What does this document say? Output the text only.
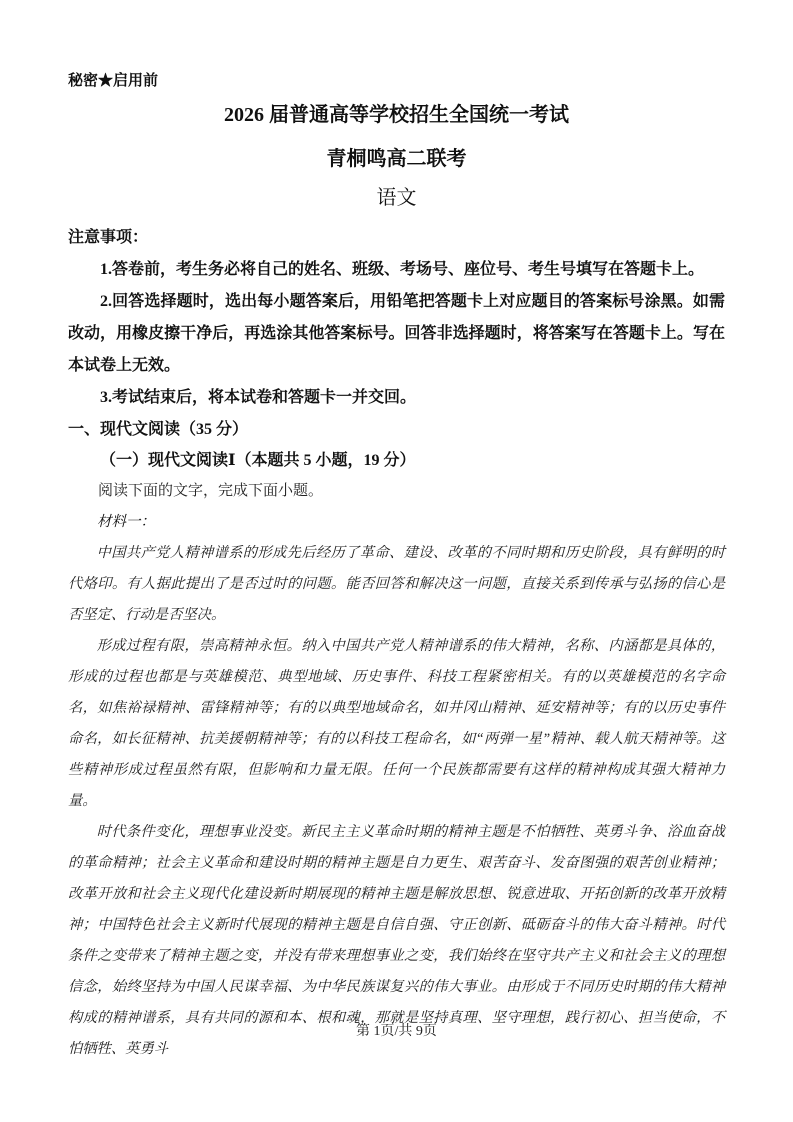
秘密★启用前
2026 届普通高等学校招生全国统一考试
青桐鸣高二联考
语文

注意事项：

1.答卷前，考生务必将自己的姓名、班级、考场号、座位号、考生号填写在答题卡上。

2.回答选择题时，选出每小题答案后，用铅笔把答题卡上对应题目的答案标号涂黑。如需改动，用橡皮擦干净后，再选涂其他答案标号。回答非选择题时，将答案写在答题卡上。写在本试卷上无效。

3.考试结束后，将本试卷和答题卡一并交回。

一、现代文阅读（35 分）

（一）现代文阅读Ⅰ（本题共 5 小题，19 分）

阅读下面的文字，完成下面小题。

材料一：

中国共产党人精神谱系的形成先后经历了革命、建设、改革的不同时期和历史阶段，具有鲜明的时代烙印。有人据此提出了是否过时的问题。能否回答和解决这一问题，直接关系到传承与弘扬的信心是否坚定、行动是否坚决。

形成过程有限，崇高精神永恒。纳入中国共产党人精神谱系的伟大精神，名称、内涵都是具体的，形成的过程也都是与英雄模范、典型地域、历史事件、科技工程紧密相关。有的以英雄模范的名字命名，如焦裕禄精神、雷锋精神等；有的以典型地域命名，如井冈山精神、延安精神等；有的以历史事件命名，如长征精神、抗美援朝精神等；有的以科技工程命名，如“两弹一星”精神、载人航天精神等。这些精神形成过程虽然有限，但影响和力量无限。任何一个民族都需要有这样的精神构成其强大精神力量。

时代条件变化，理想事业没变。新民主主义革命时期的精神主题是不怕牺牲、英勇斗争、浴血奋战的革命精神；社会主义革命和建设时期的精神主题是自力更生、艰苦奋斗、发奋图强的艰苦创业精神；改革开放和社会主义现代化建设新时期展现的精神主题是解放思想、锐意进取、开拓创新的改革开放精神；中国特色社会主义新时代展现的精神主题是自信自强、守正创新、砥砺奋斗的伟大奋斗精神。时代条件之变带来了精神主题之变，并没有带来理想事业之变，我们始终在坚守共产主义和社会主义的理想信念，始终坚持为中国人民谋幸福、为中华民族谋复兴的伟大事业。由形成于不同历史时期的伟大精神构成的精神谱系，具有共同的源和本、根和魂，那就是坚持真理、坚守理想，践行初心、担当使命，不怕牺牲、英勇斗

第 1页/共 9页
